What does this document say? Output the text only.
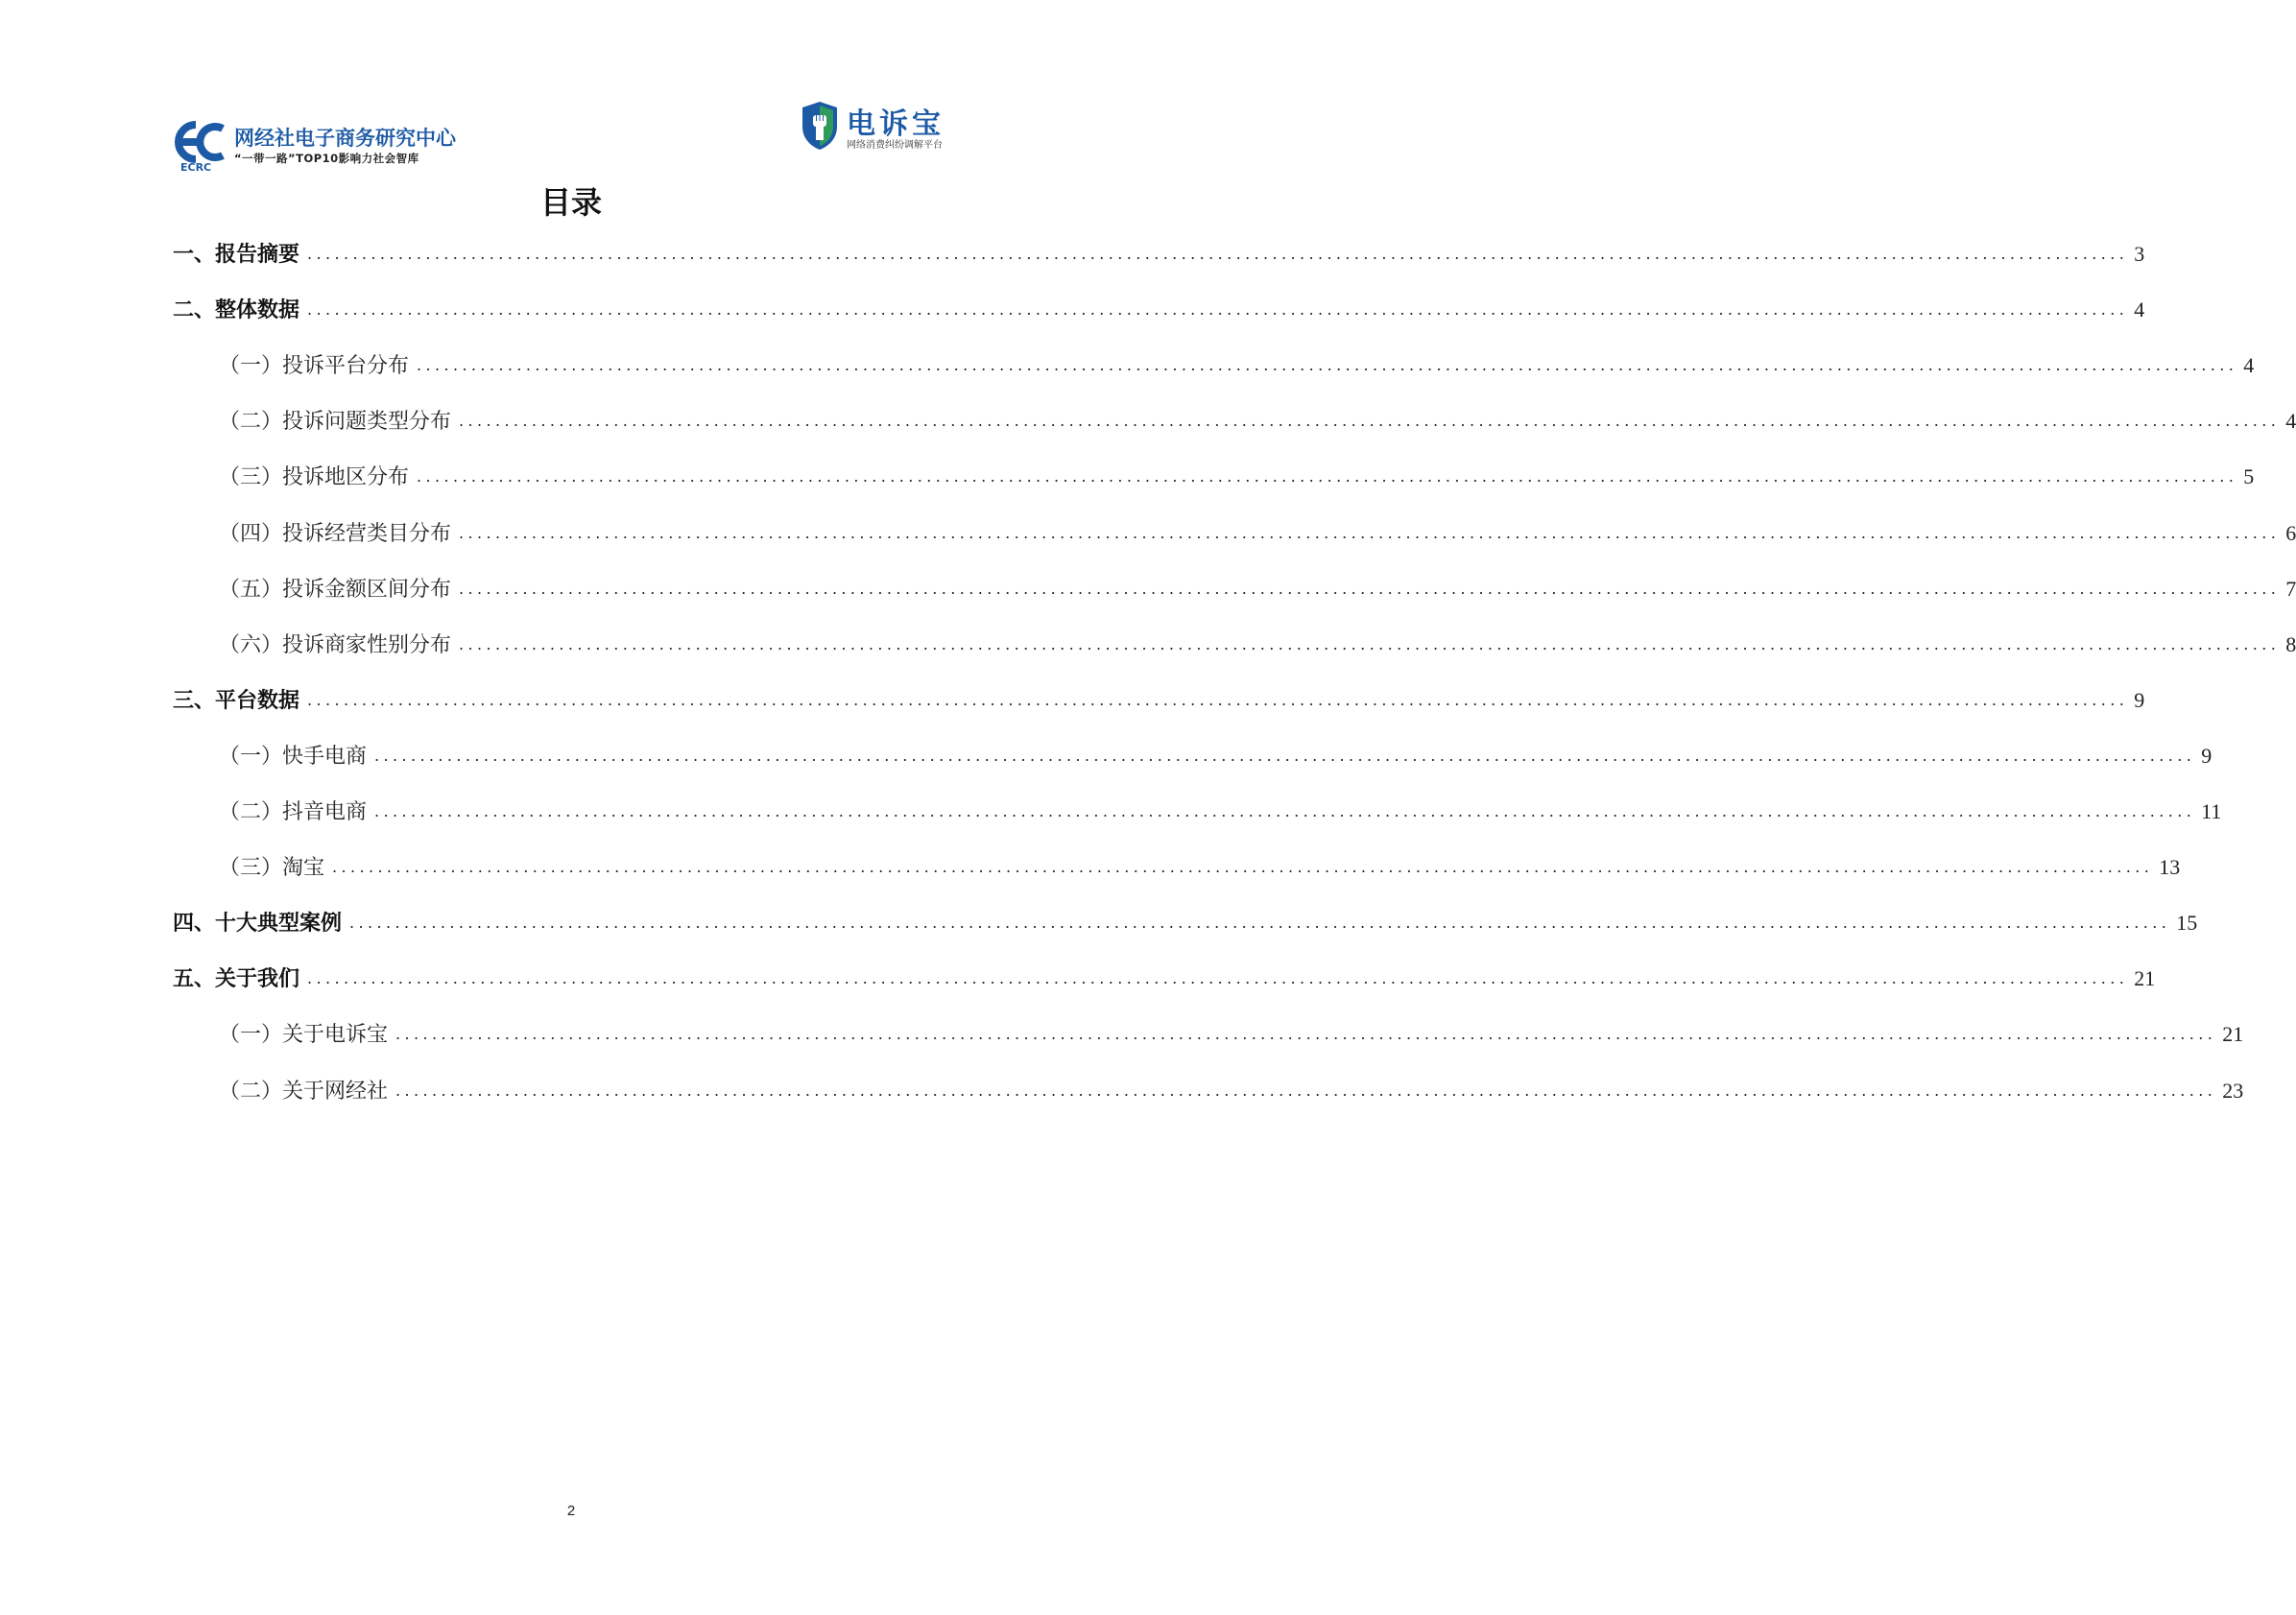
网经社电子商务研究中心
“一带一路”TOP10影响力社会智库
ECRC
电诉宝
网络消费纠纷调解平台
目录
一、报告摘要 ........................................................................................................................................................................................................ 3
二、整体数据 ........................................................................................................................................................................................................ 4
（一）投诉平台分布 ........................................................................................................................................................................................................ 4
（二）投诉问题类型分布 ........................................................................................................................................................................................................ 4
（三）投诉地区分布 ........................................................................................................................................................................................................ 5
（四）投诉经营类目分布 ........................................................................................................................................................................................................ 6
（五）投诉金额区间分布 ........................................................................................................................................................................................................ 7
（六）投诉商家性别分布 ........................................................................................................................................................................................................ 8
三、平台数据 ........................................................................................................................................................................................................ 9
（一）快手电商 ........................................................................................................................................................................................................ 9
（二）抖音电商 ........................................................................................................................................................................................................ 11
（三）淘宝 ........................................................................................................................................................................................................ 13
四、十大典型案例 ........................................................................................................................................................................................................ 15
五、关于我们 ........................................................................................................................................................................................................ 21
（一）关于电诉宝 ........................................................................................................................................................................................................ 21
（二）关于网经社 ........................................................................................................................................................................................................ 23
2
